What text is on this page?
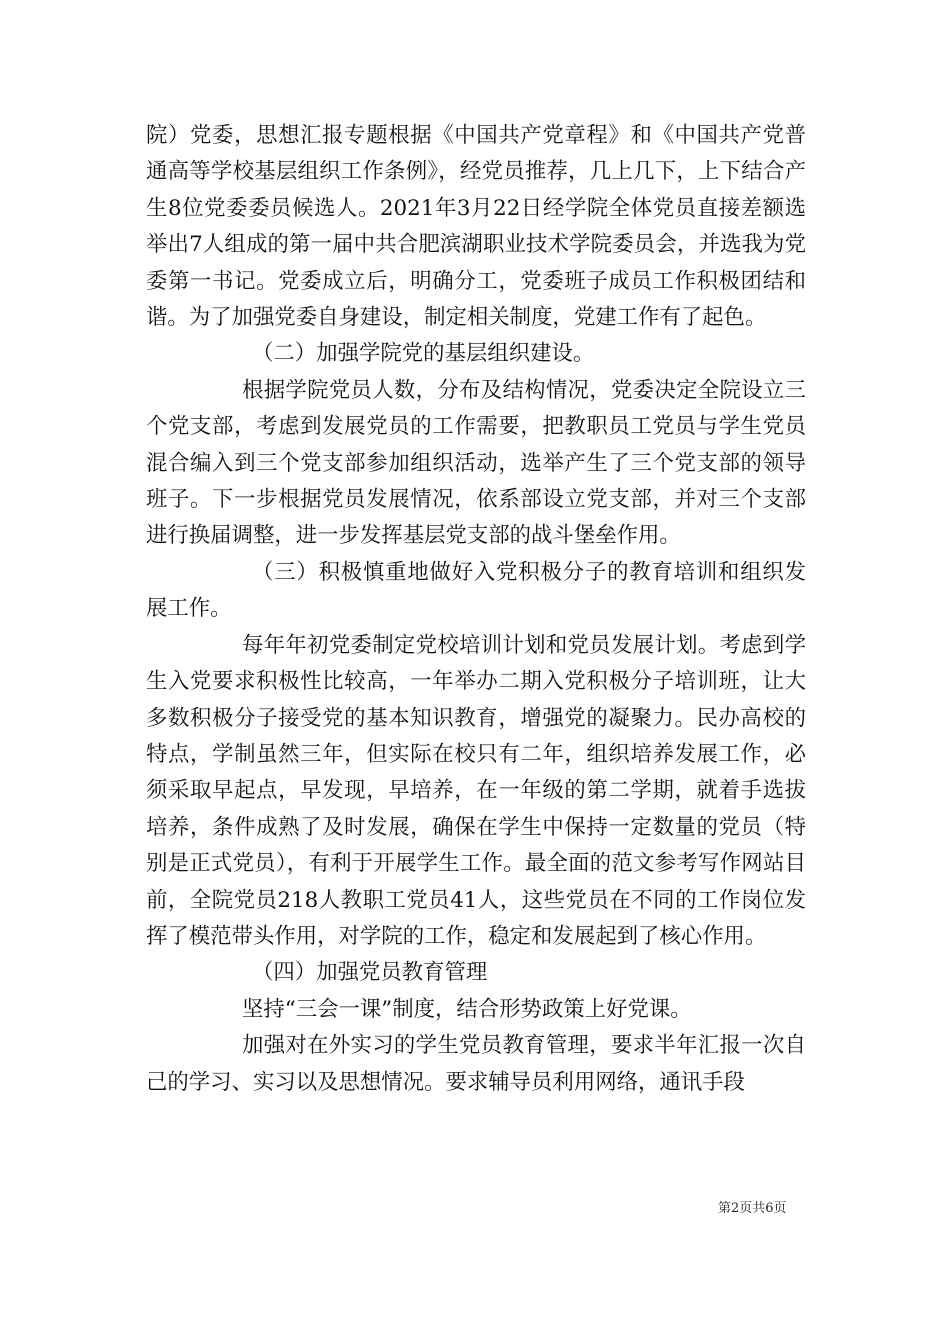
院）党委，思想汇报专题根据《中国共产党章程》和《中国共产党普通高等学校基层组织工作条例》，经党员推荐，几上几下，上下结合产生8位党委委员候选人。2021年3月22日经学院全体党员直接差额选举出7人组成的第一届中共合肥滨湖职业技术学院委员会，并选我为党委第一书记。党委成立后，明确分工，党委班子成员工作积极团结和谐。为了加强党委自身建设，制定相关制度，党建工作有了起色。

（二）加强学院党的基层组织建设。

根据学院党员人数，分布及结构情况，党委决定全院设立三个党支部，考虑到发展党员的工作需要，把教职员工党员与学生党员混合编入到三个党支部参加组织活动，选举产生了三个党支部的领导班子。下一步根据党员发展情况，依系部设立党支部，并对三个支部进行换届调整，进一步发挥基层党支部的战斗堡垒作用。

（三）积极慎重地做好入党积极分子的教育培训和组织发展工作。

每年年初党委制定党校培训计划和党员发展计划。考虑到学生入党要求积极性比较高，一年举办二期入党积极分子培训班，让大多数积极分子接受党的基本知识教育，增强党的凝聚力。民办高校的特点，学制虽然三年，但实际在校只有二年，组织培养发展工作，必须采取早起点，早发现，早培养，在一年级的第二学期，就着手选拔培养，条件成熟了及时发展，确保在学生中保持一定数量的党员（特别是正式党员），有利于开展学生工作。最全面的范文参考写作网站目前，全院党员218人教职工党员41人，这些党员在不同的工作岗位发挥了模范带头作用，对学院的工作，稳定和发展起到了核心作用。

（四）加强党员教育管理

坚持“三会一课”制度，结合形势政策上好党课。

加强对在外实习的学生党员教育管理，要求半年汇报一次自己的学习、实习以及思想情况。要求辅导员利用网络，通讯手段

第2页共6页
